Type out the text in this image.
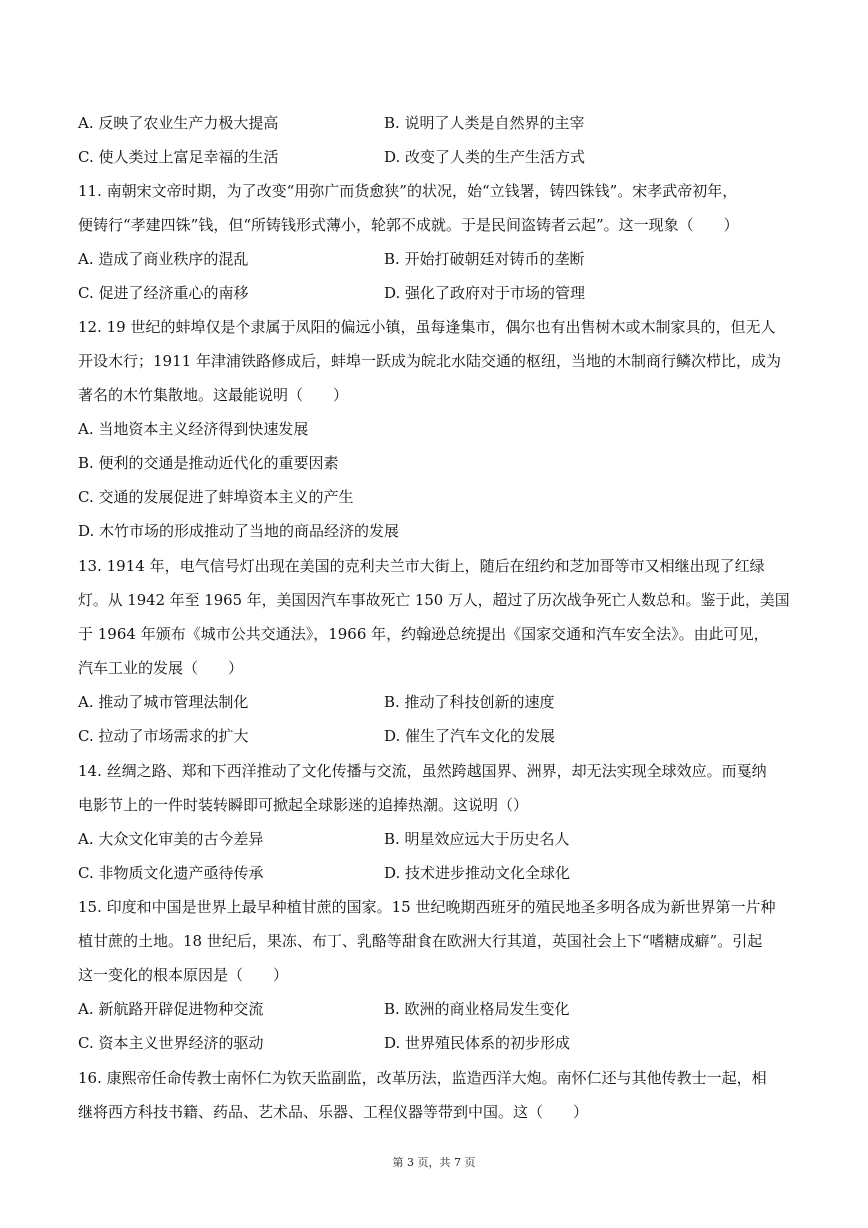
A. 反映了农业生产力极大提高	B. 说明了人类是自然界的主宰
C. 使人类过上富足幸福的生活	D. 改变了人类的生产生活方式
11. 南朝宋文帝时期，为了改变“用弥广而货愈狭”的状况，始“立钱署，铸四铢钱”。宋孝武帝初年，
便铸行“孝建四铢”钱，但“所铸钱形式薄小，轮郭不成就。于是民间盗铸者云起”。这一现象（　　）
A. 造成了商业秩序的混乱	B. 开始打破朝廷对铸币的垄断
C. 促进了经济重心的南移	D. 强化了政府对于市场的管理
12. 19 世纪的蚌埠仅是个隶属于凤阳的偏远小镇，虽每逢集市，偶尔也有出售树木或木制家具的，但无人
开设木行；1911 年津浦铁路修成后，蚌埠一跃成为皖北水陆交通的枢纽，当地的木制商行鳞次栉比，成为
著名的木竹集散地。这最能说明（　　）
A. 当地资本主义经济得到快速发展
B. 便利的交通是推动近代化的重要因素
C. 交通的发展促进了蚌埠资本主义的产生
D. 木竹市场的形成推动了当地的商品经济的发展
13. 1914 年，电气信号灯出现在美国的克利夫兰市大街上，随后在纽约和芝加哥等市又相继出现了红绿
灯。从 1942 年至 1965 年，美国因汽车事故死亡 150 万人，超过了历次战争死亡人数总和。鉴于此，美国
于 1964 年颁布《城市公共交通法》，1966 年，约翰逊总统提出《国家交通和汽车安全法》。由此可见，
汽车工业的发展（　　）
A. 推动了城市管理法制化	B. 推动了科技创新的速度
C. 拉动了市场需求的扩大	D. 催生了汽车文化的发展
14. 丝绸之路、郑和下西洋推动了文化传播与交流，虽然跨越国界、洲界，却无法实现全球效应。而戛纳
电影节上的一件时装转瞬即可掀起全球影迷的追捧热潮。这说明（）
A. 大众文化审美的古今差异	B. 明星效应远大于历史名人
C. 非物质文化遗产亟待传承	D. 技术进步推动文化全球化
15. 印度和中国是世界上最早种植甘蔗的国家。15 世纪晚期西班牙的殖民地圣多明各成为新世界第一片种
植甘蔗的土地。18 世纪后，果冻、布丁、乳酪等甜食在欧洲大行其道，英国社会上下“嗜糖成癖”。引起
这一变化的根本原因是（　　）
A. 新航路开辟促进物种交流	B. 欧洲的商业格局发生变化
C. 资本主义世界经济的驱动	D. 世界殖民体系的初步形成
16. 康熙帝任命传教士南怀仁为钦天监副监，改革历法，监造西洋大炮。南怀仁还与其他传教士一起，相
继将西方科技书籍、药品、艺术品、乐器、工程仪器等带到中国。这（　　）
第 3 页，共 7 页
